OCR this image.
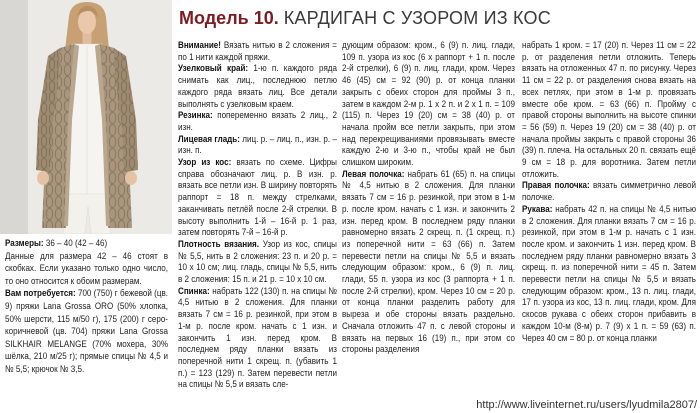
Модель 10. КАРДИГАН С УЗОРОМ ИЗ КОС

Размеры: 36 – 40 (42 – 46)

Данные для размера 42 – 46 стоят в скобках. Если указано только одно число, то оно относится к обоим размерам.

Вам потребуется: 700 (750) г бежевой (цв. 9) пряжи Lana Grossa ORO (50% хлопка, 50% шерсти, 115 м/50 г), 175 (200) г серо-коричневой (цв. 704) пряжи Lana Grossa SILKHAIR MELANGE (70% мохера, 30% шёлка, 210 м/25 г); прямые спицы № 4,5 и № 5,5; крючок № 3,5.

Внимание! Вязать нитью в 2 сложения = по 1 нити каждой пряжи.

Узелковый край: 1-ю п. каждого ряда снимать как лиц., последнюю петлю каждого ряда вязать лиц. Все детали выполнять с узелковым краем.

Резинка: попеременно вязать 2 лиц., 2 изн.

Лицевая гладь: лиц. р. – лиц. п., изн. р. – изн. п.

Узор из кос: вязать по схеме. Цифры справа обозначают лиц. р. В изн. р. вязать все петли изн. В ширину повторять раппорт = 18 п. между стрелками, заканчивать петлёй после 2-й стрелки. В высоту выполнить 1-й – 16-й р. 1 раз, затем повторять 7-й – 16-й р.

Плотность вязания. Узор из кос, спицы № 5,5, нить в 2 сложения: 23 п. и 20 р. = 10 х 10 см; лиц. гладь, спицы № 5,5, нить в 2 сложения: 15 п. и 21 р. = 10 х 10 см.

Спинка: набрать 122 (130) п. на спицы № 4,5 нитью в 2 сложения. Для планки вязать 7 см = 16 р. резинкой, при этом в 1-м р. после кром. начать с 1 изн. и закончить 1 изн. перед кром. В последнем ряду планки вязать из поперечной нити 1 скрещ. п. (убавить 1 п.) = 123 (129) п. Затем перевести петли на спицы № 5,5 и вязать сле-

дующим образом: кром., 6 (9) п. лиц. глади, 109 п. узора из кос (6 х раппорт + 1 п. после 2-й стрелки), 6 (9) п. лиц. глади, кром. Через 46 (45) см = 92 (90) р. от конца планки закрыть с обеих сторон для проймы 3 п., затем в каждом 2-м р. 1 х 2 п. и 2 х 1 п. = 109 (115) п. Через 19 (20) см = 38 (40) р. от начала пройм все петли закрыть, при этом над перекрещиваниями провязывать вместе каждую 2-ю и 3-ю п., чтобы край не был слишком широким.

Левая полочка: набрать 61 (65) п. на спицы № 4,5 нитью в 2 сложения. Для планки вязать 7 см = 16 р. резинкой, при этом в 1-м р. после кром. начать с 1 изн. и закончить 2 изн. перед кром. В последнем ряду планки равномерно вязать 2 скрещ. п. (1 скрещ. п.) из поперечной нити = 63 (66) п. Затем перевести петли на спицы № 5,5 и вязать следующим образом: кром., 6 (9) п. лиц. глади, 55 п. узора из кос (3 раппорта + 1 п. после 2-й стрелки), кром. Через 10 см = 20 р. от конца планки разделить работу для выреза и обе стороны вязать раздельно. Сначала отложить 47 п. с левой стороны и вязать на первых 16 (19) п., при этом со стороны разделения

набрать 1 кром. = 17 (20) п. Через 11 см = 22 р. от разделения петли отложить. Теперь вязать на отложенных 47 п. по рисунку. Через 11 см = 22 р. от разделения снова вязать на всех петлях, при этом в 1-м р. провязать вместе обе кром. = 63 (66) п. Пройму с правой стороны выполнить на высоте спинки = 56 (59) п. Через 19 (20) см = 38 (40) р. от начала проймы закрыть с правой стороны 36 (39) п. плеча. На остальных 20 п. связать ещё 9 см = 18 р. для воротника. Затем петли отложить.

Правая полочка: вязать симметрично левой полочке.

Рукава: набрать 42 п. на спицы № 4,5 нитью в 2 сложения. Для планки вязать 7 см = 16 р. резинкой, при этом в 1-м р. начать с 1 изн. после кром. и закончить 1 изн. перед кром. В последнем ряду планки равномерно вязать 3 скрещ. п. из поперечной нити = 45 п. Затем перевести петли на спицы № 5,5 и вязать следующим образом: кром., 13 п. лиц. глади, 17 п. узора из кос, 13 п. лиц. глади, кром. Для скосов рукава с обеих сторон прибавить в каждом 10-м (8-м) р. 7 (9) х 1 п. = 59 (63) п. Через 40 см = 80 р. от конца планки

http://www.liveinternet.ru/users/lyudmila2807/
